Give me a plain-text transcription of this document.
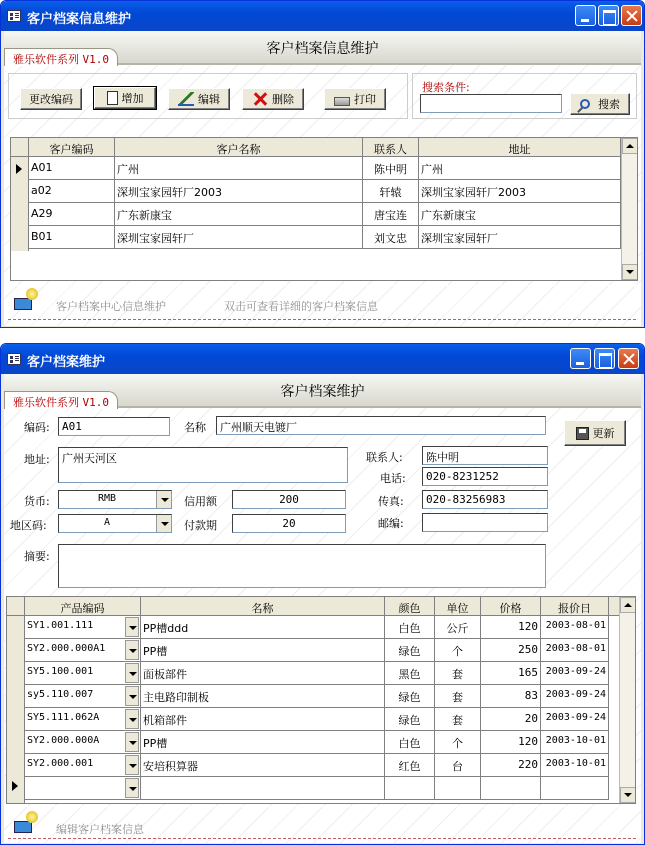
客户档案信息维护
客户档案信息维护
雅乐软件系列 V1.0
更改编码	增加	编辑	删除	打印
搜索条件:
搜索
客户编码	客户名称	联系人	地址
A01	广州	陈中明	广州
a02	深圳宝家园轩厂2003	轩辕	深圳宝家园轩厂2003
A29	广东新康宝	唐宝连	广东新康宝
B01	深圳宝家园轩厂	刘文忠	深圳宝家园轩厂
客户档案中心信息维护	双击可查看详细的客户档案信息
客户档案维护
客户档案维护
雅乐软件系列 V1.0
编码:	A01	名称	广州顺天电镀厂	更新
地址:	广州天河区	联系人:	陈中明
电话:	020-8231252
货币:	RMB	信用额	200	传真:	020-83256983
地区码:	A	付款期	20	邮编:
摘要:
产品编码	名称	颜色	单位	价格	报价日
SY1.001.111	PP槽ddd	白色	公斤	120 2003-08-01
SY2.000.000A1	PP槽	绿色	个	250 2003-08-01
SY5.100.001	面板部件	黑色	套	165 2003-09-24
sy5.110.007	主电路印制板	绿色	套	83 2003-09-24
SY5.111.062A	机箱部件	绿色	套	20 2003-09-24
SY2.000.000A	PP槽	白色	个	120 2003-10-01
SY2.000.001	安培积算器	红色	台	220 2003-10-01
编辑客户档案信息
